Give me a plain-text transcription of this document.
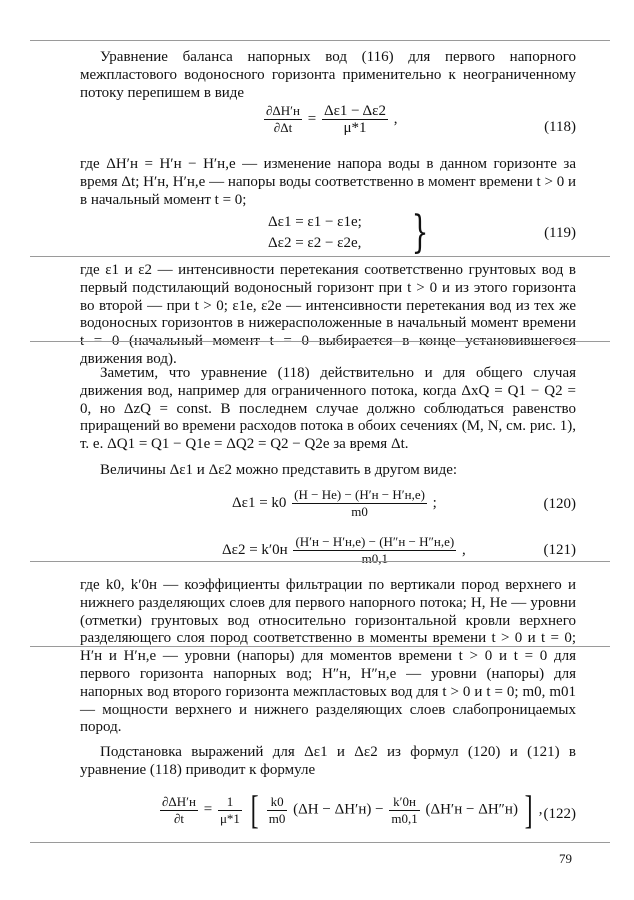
Уравнение баланса напорных вод (116) для первого напорного межпластового водоносного горизонта применительно к неограниченному потоку перепишем в виде

$\frac{\partial\Delta H'н}{\partial\Delta t} = \frac{\Delta\varepsilon 1 - \Delta\varepsilon 2}{\mu*1}$ ,
(118)

где ΔH′н = H′н − H′н,е — изменение напора воды в данном горизонте за время Δt; H′н, H′н,е — напоры воды соответственно в момент времени t > 0 и в начальный момент t = 0;

Δε1 = ε1 − ε1е;
Δε2 = ε2 − ε2е, }	(119)

где ε1 и ε2 — интенсивности перетекания соответственно грунтовых вод в первый подстилающий водоносный горизонт при t > 0 и из этого горизонта во второй — при t > 0; ε1е, ε2е — интенсивности перетекания вод из тех же водоносных горизонтов в нижерасположенные в начальный момент времени t = 0 (начальный момент t = 0 выбирается в конце установившегося движения вод).

Заметим, что уравнение (118) действительно и для общего случая движения вод, например для ограниченного потока, когда ΔxQ = Q1 − Q2 = 0, но ΔzQ = const. В последнем случае должно соблюдаться равенство приращений во времени расходов потока в обоих сечениях (M, N, см. рис. 1), т. е. ΔQ1 = Q1 − Q1е = ΔQ2 = Q2 − Q2е за время Δt.

Величины Δε1 и Δε2 можно представить в другом виде:

$\Delta\varepsilon 1 = k0 \frac{(H - Hе) - (H'н - H'н,е)}{m0}$ ;	(120)
$\Delta\varepsilon 2 = k'0н \frac{(H'н - H'н,е) - (H''н - H''н,е)}{m0,1}$ ,	(121)

где k0, k′0н — коэффициенты фильтрации по вертикали пород верхнего и нижнего разделяющих слоев для первого напорного потока; H, Hе — уровни (отметки) грунтовых вод относительно горизонтальной кровли верхнего разделяющего слоя пород соответственно в моменты времени t > 0 и t = 0; H′н и H′н,е — уровни (напоры) для моментов времени t > 0 и t = 0 для первого горизонта напорных вод; H″н, H″н,е — уровни (напоры) для напорных вод второго горизонта межпластовых вод для t > 0 и t = 0; m0, m01 — мощности верхнего и нижнего разделяющих слоев слабопроницаемых пород.

Подстановка выражений для Δε1 и Δε2 из формул (120) и (121) в уравнение (118) приводит к формуле

$\frac{\partial\Delta H'н}{\partial t} = \frac{1}{\mu*1}$ [ $\frac{k0}{m0} (\Delta H - \Delta H'н) - \frac{k'0н}{m0,1} (\Delta H'н - \Delta H''н)$ ] , (122)
79
